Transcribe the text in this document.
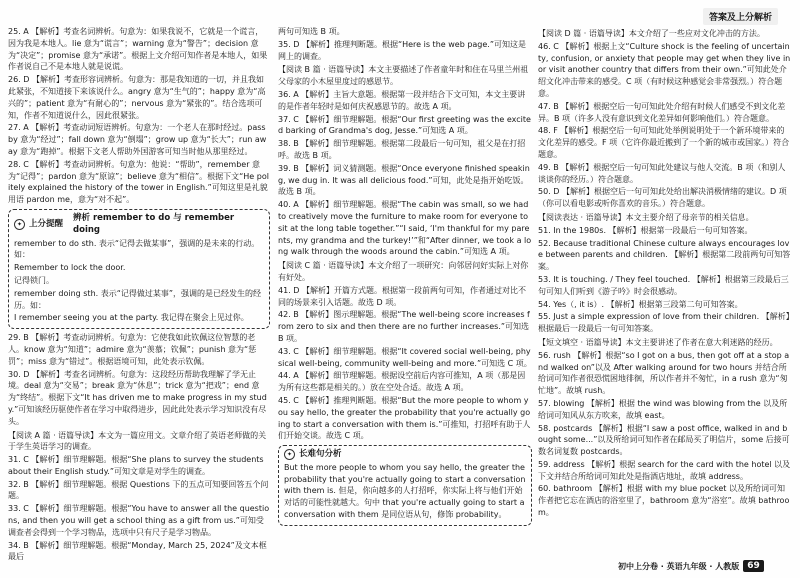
答案及上分解析
25. A 【解析】考查名词辨析。句意为：如果我说不，它就是一个谎言，因为我是本地人。lie 意为“谎言”；warning 意为“警告”；decision 意为“决定”；promise 意为“承诺”。根据上文介绍可知作者是本地人，如果作者说自己不是本地人就是说谎。
26. D 【解析】考查形容词辨析。句意为：那是我知道的一切，并且我如此紧张，不知道接下来该说什么。angry 意为“生气的”；happy 意为“高兴的”；patient 意为“有耐心的”；nervous 意为“紧张的”。结合选项可知，作者不知道说什么，因此很紧张。
27. A 【解析】考查动词短语辨析。句意为：一个老人在那时经过。pass by 意为“经过”；fall down 意为“倒塌”；grow up 意为“长大”；run away 意为“跑掉”。根据下文老人帮助外国游客可知当时他从那里经过。
28. C 【解析】考查动词辨析。句意为：他说：“帮助”，remember 意为“记得”；pardon 意为“原谅”；believe 意为“相信”。根据下文“He politely explained the history of the tower in English.”可知这里是礼貌用语 pardon me，意为“对不起”。
✦ 上分提醒
辨析 remember to do 与 remember doing
remember to do sth. 表示“记得去做某事”，强调的是未来的行动。如：
Remember to lock the door.
记得锁门。
remember doing sth. 表示“记得做过某事”，强调的是已经发生的经历。如：
I remember seeing you at the party. 我记得在聚会上见过你。
29. B 【解析】考查动词辨析。句意为：它使我如此钦佩这位智慧的老人。know 意为“知道”；admire 意为“羡慕；钦佩”；punish 意为“惩罚”；miss 意为“错过”。根据语境可知，此处表示钦佩。
30. D 【解析】考查名词辨析。句意为：这段经历帮助我理解了学无止境。deal 意为“交易”；break 意为“休息”；trick 意为“把戏”；end 意为“终结”。根据下文“It has driven me to make progress in my study.”可知该经历驱使作者在学习中取得进步，因此此处表示学习知识没有尽头。
【阅读 A 篇 · 语篇导读】本文为一篇应用文。文章介绍了英语老师做的关于学生英语学习的调查。
31. C 【解析】细节理解题。根据“She plans to survey the students about their English study.”可知文章是对学生的调查。
32. B 【解析】细节理解题。根据 Questions 下的五点可知要回答五个问题。
33. C 【解析】细节理解题。根据“You have to answer all the questions, and then you will get a school thing as a gift from us.”可知受调查者会得到一个学习物品，选项中只有尺子是学习物品。
34. B 【解析】细节理解题。根据“Monday, March 25, 2024”及文本框最后
两句可知选 B 项。
35. D 【解析】推理判断题。根据“Here is the web page.”可知这是网上的调查。
【阅读 B 篇 · 语篇导读】本文主要描述了作者童年时和住在马里兰州祖父母家的小木屋里度过的感恩节。
36. A 【解析】主旨大意题。根据第一段并结合下文可知，本文主要讲的是作者年轻时是如何庆祝感恩节的。故选 A 项。
37. C 【解析】细节理解题。根据“Our first greeting was the excited barking of Grandma's dog, Jesse.”可知选 A 项。
38. B 【解析】细节理解题。根据第二段最后一句可知，祖父是在打招呼。故选 B 项。
39. B 【解析】词义猜测题。根据“Once everyone finished speaking, we dug in. It was all delicious food.”可知，此处是指开始吃饭。故选 B 项。
40. A 【解析】细节理解题。根据“The cabin was small, so we had to creatively move the furniture to make room for everyone to sit at the long table together.”“I said, ‘I'm thankful for my parents, my grandma and the turkey!’”和“After dinner, we took a long walk through the woods around the cabin.”可知选 A 项。
【阅读 C 篇 · 语篇导读】本文介绍了一项研究：向邻居问好实际上对你有好处。
41. D 【解析】开篇方式题。根据第一段前两句可知，作者通过对比不同的场景来引入话题。故选 D 项。
42. B 【解析】图示理解题。根据“The well-being score increases from zero to six and then there are no further increases.”可知选 B 项。
43. C 【解析】细节理解题。根据“It covered social well-being, physical well-being, community well-being and more.”可知选 C 项。
44. A 【解析】细节理解题。根据设空前后内容可推知，A 项（那是因为所有这些都是相关的。）放在空处合适。故选 A 项。
45. C 【解析】推理判断题。根据“But the more people to whom you say hello, the greater the probability that you're actually going to start a conversation with them is.”可推知，打招呼有助于人们开始交谈。故选 C 项。
✦ 长难句分析
But the more people to whom you say hello, the greater the probability that you're actually going to start a conversation with them is. 但是，你向越多的人打招呼，你实际上将与他们开始对话的可能性就越大。句中 that you're actually going to start a conversation with them 是同位语从句，修饰 probability。
【阅读 D 篇 · 语篇导读】本文介绍了一些应对文化冲击的方法。
46. C 【解析】根据上文“Culture shock is the feeling of uncertainty, confusion, or anxiety that people may get when they live in or visit another country that differs from their own.”可知此处介绍文化冲击带来的感受。C 项（有时候这种感觉会非常强烈。）符合题意。
47. B 【解析】根据空后一句可知此处介绍有时候人们感受不到文化差异。B 项（许多人没有意识到文化差异如何影响他们。）符合题意。
48. F 【解析】根据空后一句可知此处举例说明处于一个新环境带来的文化差异的感受。F 项（它许你最近搬到了一个新的城市或国家。）符合题意。
49. B 【解析】根据空后一句可知此处建议与他人交流。B 项（和别人谈谈你的经历。）符合题意。
50. D 【解析】根据空后一句可知此处给出解决消极情绪的建议。D 项（你可以看电影或听你喜欢的音乐。）符合题意。
【阅读表达 · 语篇导读】本文主要介绍了母亲节的相关信息。
51. In the 1980s. 【解析】根据第一段最后一句可知答案。
52. Because traditional Chinese culture always encourages love between parents and children. 【解析】根据第二段前两句可知答案。
53. It is touching. / They feel touched. 【解析】根据第三段最后三句可知人们听到《游子吟》时会很感动。
54. Yes（, it is）. 【解析】根据第三段第二句可知答案。
55. Just a simple expression of love from their children. 【解析】根据最后一段最后一句可知答案。
【短文填空 · 语篇导读】本文主要讲述了作者在意大利迷路的经历。
56. rush 【解析】根据“so I got on a bus, then got off at a stop and walked on”以及 After walking around for two hours 并结合所给词可知作者很恐慌困地徘徊，所以作者并不匆忙，in a rush 意为“匆忙地”。故填 rush。
57. blowing 【解析】根据 the wind was blowing from the 以及所给词可知风从东方吹来，故填 east。
58. postcards 【解析】根据“I saw a post office, walked in and bought some...”以及所给词可知作者在邮局买了明信片，some 后接可数名词复数 postcards。
59. address 【解析】根据 search for the card with the hotel 以及下文并结合所给词可知此处是指酒店地址，故填 address。
60. bathroom 【解析】根据 with my blue pocket 以及所给词可知作者把它忘在酒店的浴室里了，bathroom 意为“浴室”。故填 bathroom。
初中上分卷 · 英语九年级 · 人教版 69
